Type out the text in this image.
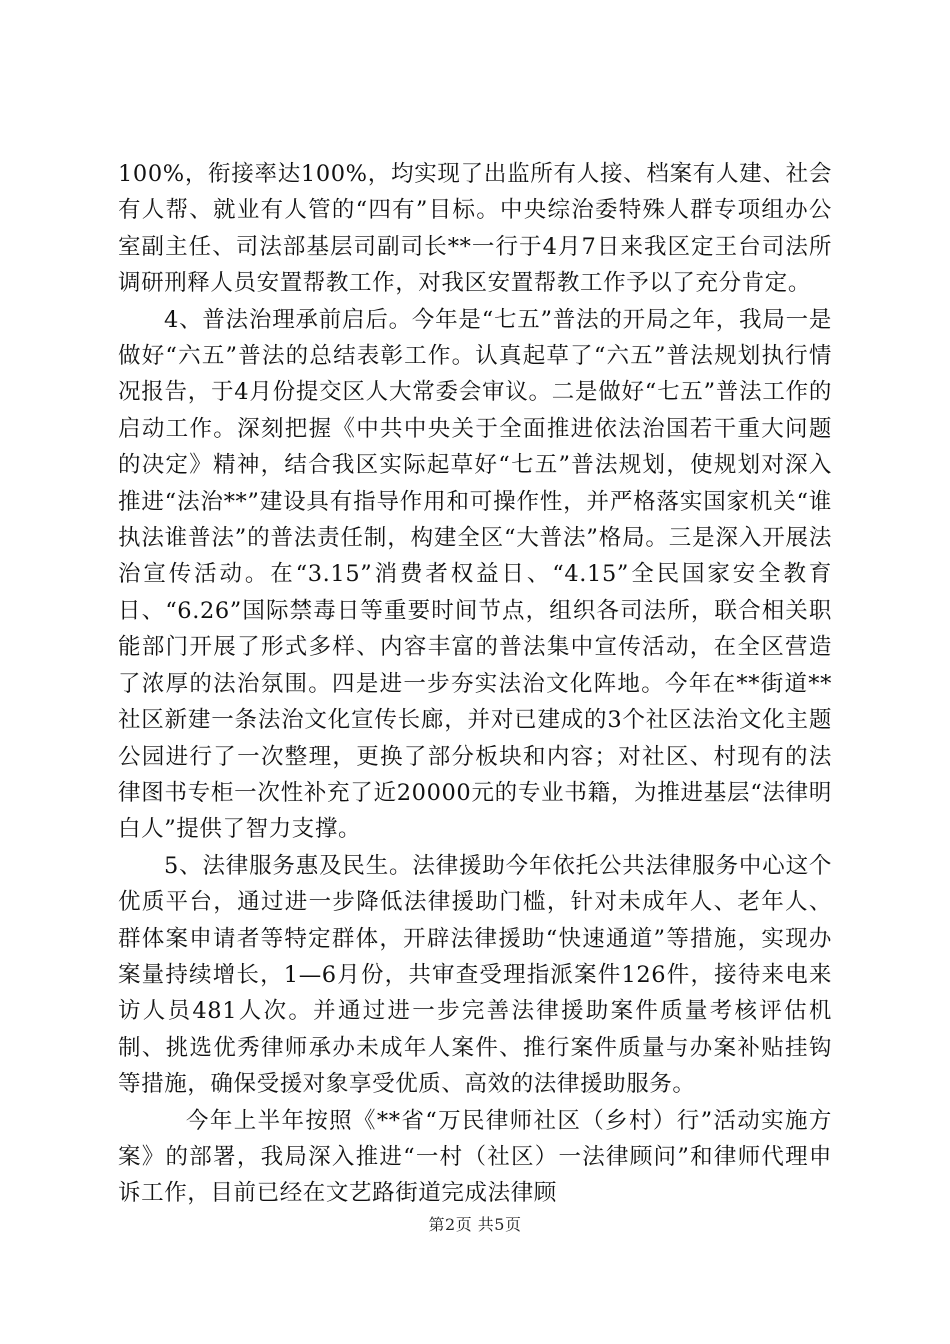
100%，衔接率达100%，均实现了出监所有人接、档案有人建、社会有人帮、就业有人管的“四有”目标。中央综治委特殊人群专项组办公室副主任、司法部基层司副司长**一行于4月7日来我区定王台司法所调研刑释人员安置帮教工作，对我区安置帮教工作予以了充分肯定。

4、普法治理承前启后。今年是“七五”普法的开局之年，我局一是做好“六五”普法的总结表彰工作。认真起草了“六五”普法规划执行情况报告，于4月份提交区人大常委会审议。二是做好“七五”普法工作的启动工作。深刻把握《中共中央关于全面推进依法治国若干重大问题的决定》精神，结合我区实际起草好“七五”普法规划，使规划对深入推进“法治**”建设具有指导作用和可操作性，并严格落实国家机关“谁执法谁普法”的普法责任制，构建全区“大普法”格局。三是深入开展法治宣传活动。在“3.15”消费者权益日、“4.15”全民国家安全教育日、“6.26”国际禁毒日等重要时间节点，组织各司法所，联合相关职能部门开展了形式多样、内容丰富的普法集中宣传活动，在全区营造了浓厚的法治氛围。四是进一步夯实法治文化阵地。今年在**街道**社区新建一条法治文化宣传长廊，并对已建成的3个社区法治文化主题公园进行了一次整理，更换了部分板块和内容；对社区、村现有的法律图书专柜一次性补充了近20000元的专业书籍，为推进基层“法律明白人”提供了智力支撑。

5、法律服务惠及民生。法律援助今年依托公共法律服务中心这个优质平台，通过进一步降低法律援助门槛，针对未成年人、老年人、群体案申请者等特定群体，开辟法律援助“快速通道”等措施，实现办案量持续增长，1—6月份，共审查受理指派案件126件，接待来电来访人员481人次。并通过进一步完善法律援助案件质量考核评估机制、挑选优秀律师承办未成年人案件、推行案件质量与办案补贴挂钩等措施，确保受援对象享受优质、高效的法律援助服务。

今年上半年按照《**省“万民律师社区（乡村）行”活动实施方案》的部署，我局深入推进“一村（社区）一法律顾问”和律师代理申诉工作，目前已经在文艺路街道完成法律顾

第2页 共5页
